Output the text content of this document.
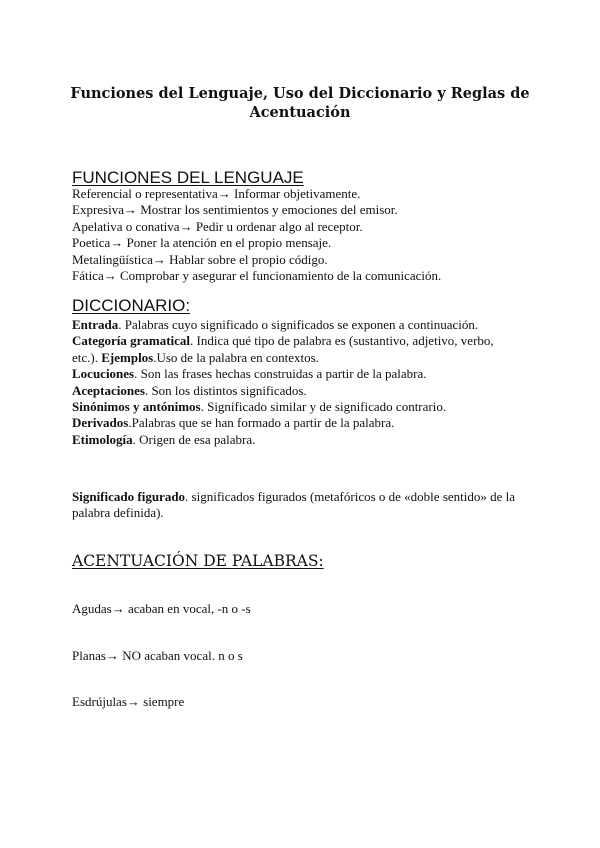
Funciones del Lenguaje, Uso del Diccionario y Reglas de
Acentuación
FUNCIONES DEL LENGUAJE
Referencial o representativa→ Informar objetivamente.
Expresiva→ Mostrar los sentimientos y emociones del emisor.
Apelativa o conativa→ Pedir u ordenar algo al receptor.
Poetica→ Poner la atención en el propio mensaje.
Metalingüística→ Hablar sobre el propio código.
Fática→ Comprobar y asegurar el funcionamiento de la comunicación.
DICCIONARIO:
Entrada. Palabras cuyo significado o significados se exponen a continuación.
Categoría gramatical. Indica qué tipo de palabra es (sustantivo, adjetivo, verbo, etc.). Ejemplos.Uso de la palabra en contextos.
Locuciones. Son las frases hechas construidas a partir de la palabra.
Aceptaciones. Son los distintos significados.
Sinónimos y antónimos. Significado similar y de significado contrario.
Derivados.Palabras que se han formado a partir de la palabra.
Etimología. Origen de esa palabra.
Significado figurado. significados figurados (metafóricos o de «doble sentido» de la palabra definida).
ACENTUACIÓN DE PALABRAS:
Agudas→ acaban en vocal, -n o -s
Planas→ NO acaban vocal. n o s
Esdrújulas→ siempre
